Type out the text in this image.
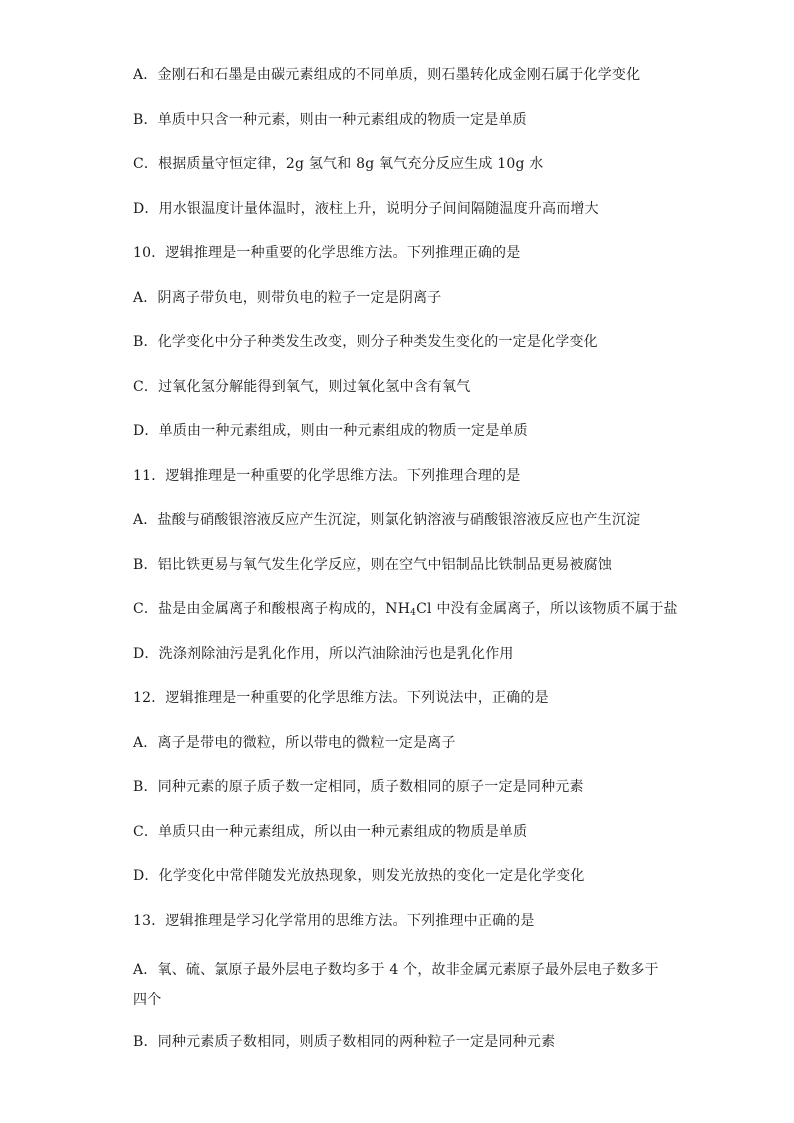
A．金刚石和石墨是由碳元素组成的不同单质，则石墨转化成金刚石属于化学变化
B．单质中只含一种元素，则由一种元素组成的物质一定是单质
C．根据质量守恒定律，2g 氢气和 8g 氧气充分反应生成 10g 水
D．用水银温度计量体温时，液柱上升，说明分子间间隔随温度升高而增大
10．逻辑推理是一种重要的化学思维方法。下列推理正确的是
A．阴离子带负电，则带负电的粒子一定是阴离子
B．化学变化中分子种类发生改变，则分子种类发生变化的一定是化学变化
C．过氧化氢分解能得到氧气，则过氧化氢中含有氧气
D．单质由一种元素组成，则由一种元素组成的物质一定是单质
11．逻辑推理是一种重要的化学思维方法。下列推理合理的是
A．盐酸与硝酸银溶液反应产生沉淀，则氯化钠溶液与硝酸银溶液反应也产生沉淀
B．铝比铁更易与氧气发生化学反应，则在空气中铝制品比铁制品更易被腐蚀
C．盐是由金属离子和酸根离子构成的，$NH_4Cl$ 中没有金属离子，所以该物质不属于盐
D．洗涤剂除油污是乳化作用，所以汽油除油污也是乳化作用
12．逻辑推理是一种重要的化学思维方法。下列说法中，正确的是
A．离子是带电的微粒，所以带电的微粒一定是离子
B．同种元素的原子质子数一定相同，质子数相同的原子一定是同种元素
C．单质只由一种元素组成，所以由一种元素组成的物质是单质
D．化学变化中常伴随发光放热现象，则发光放热的变化一定是化学变化
13．逻辑推理是学习化学常用的思维方法。下列推理中正确的是
A．氧、硫、氯原子最外层电子数均多于 4 个，故非金属元素原子最外层电子数多于四个
B．同种元素质子数相同，则质子数相同的两种粒子一定是同种元素
